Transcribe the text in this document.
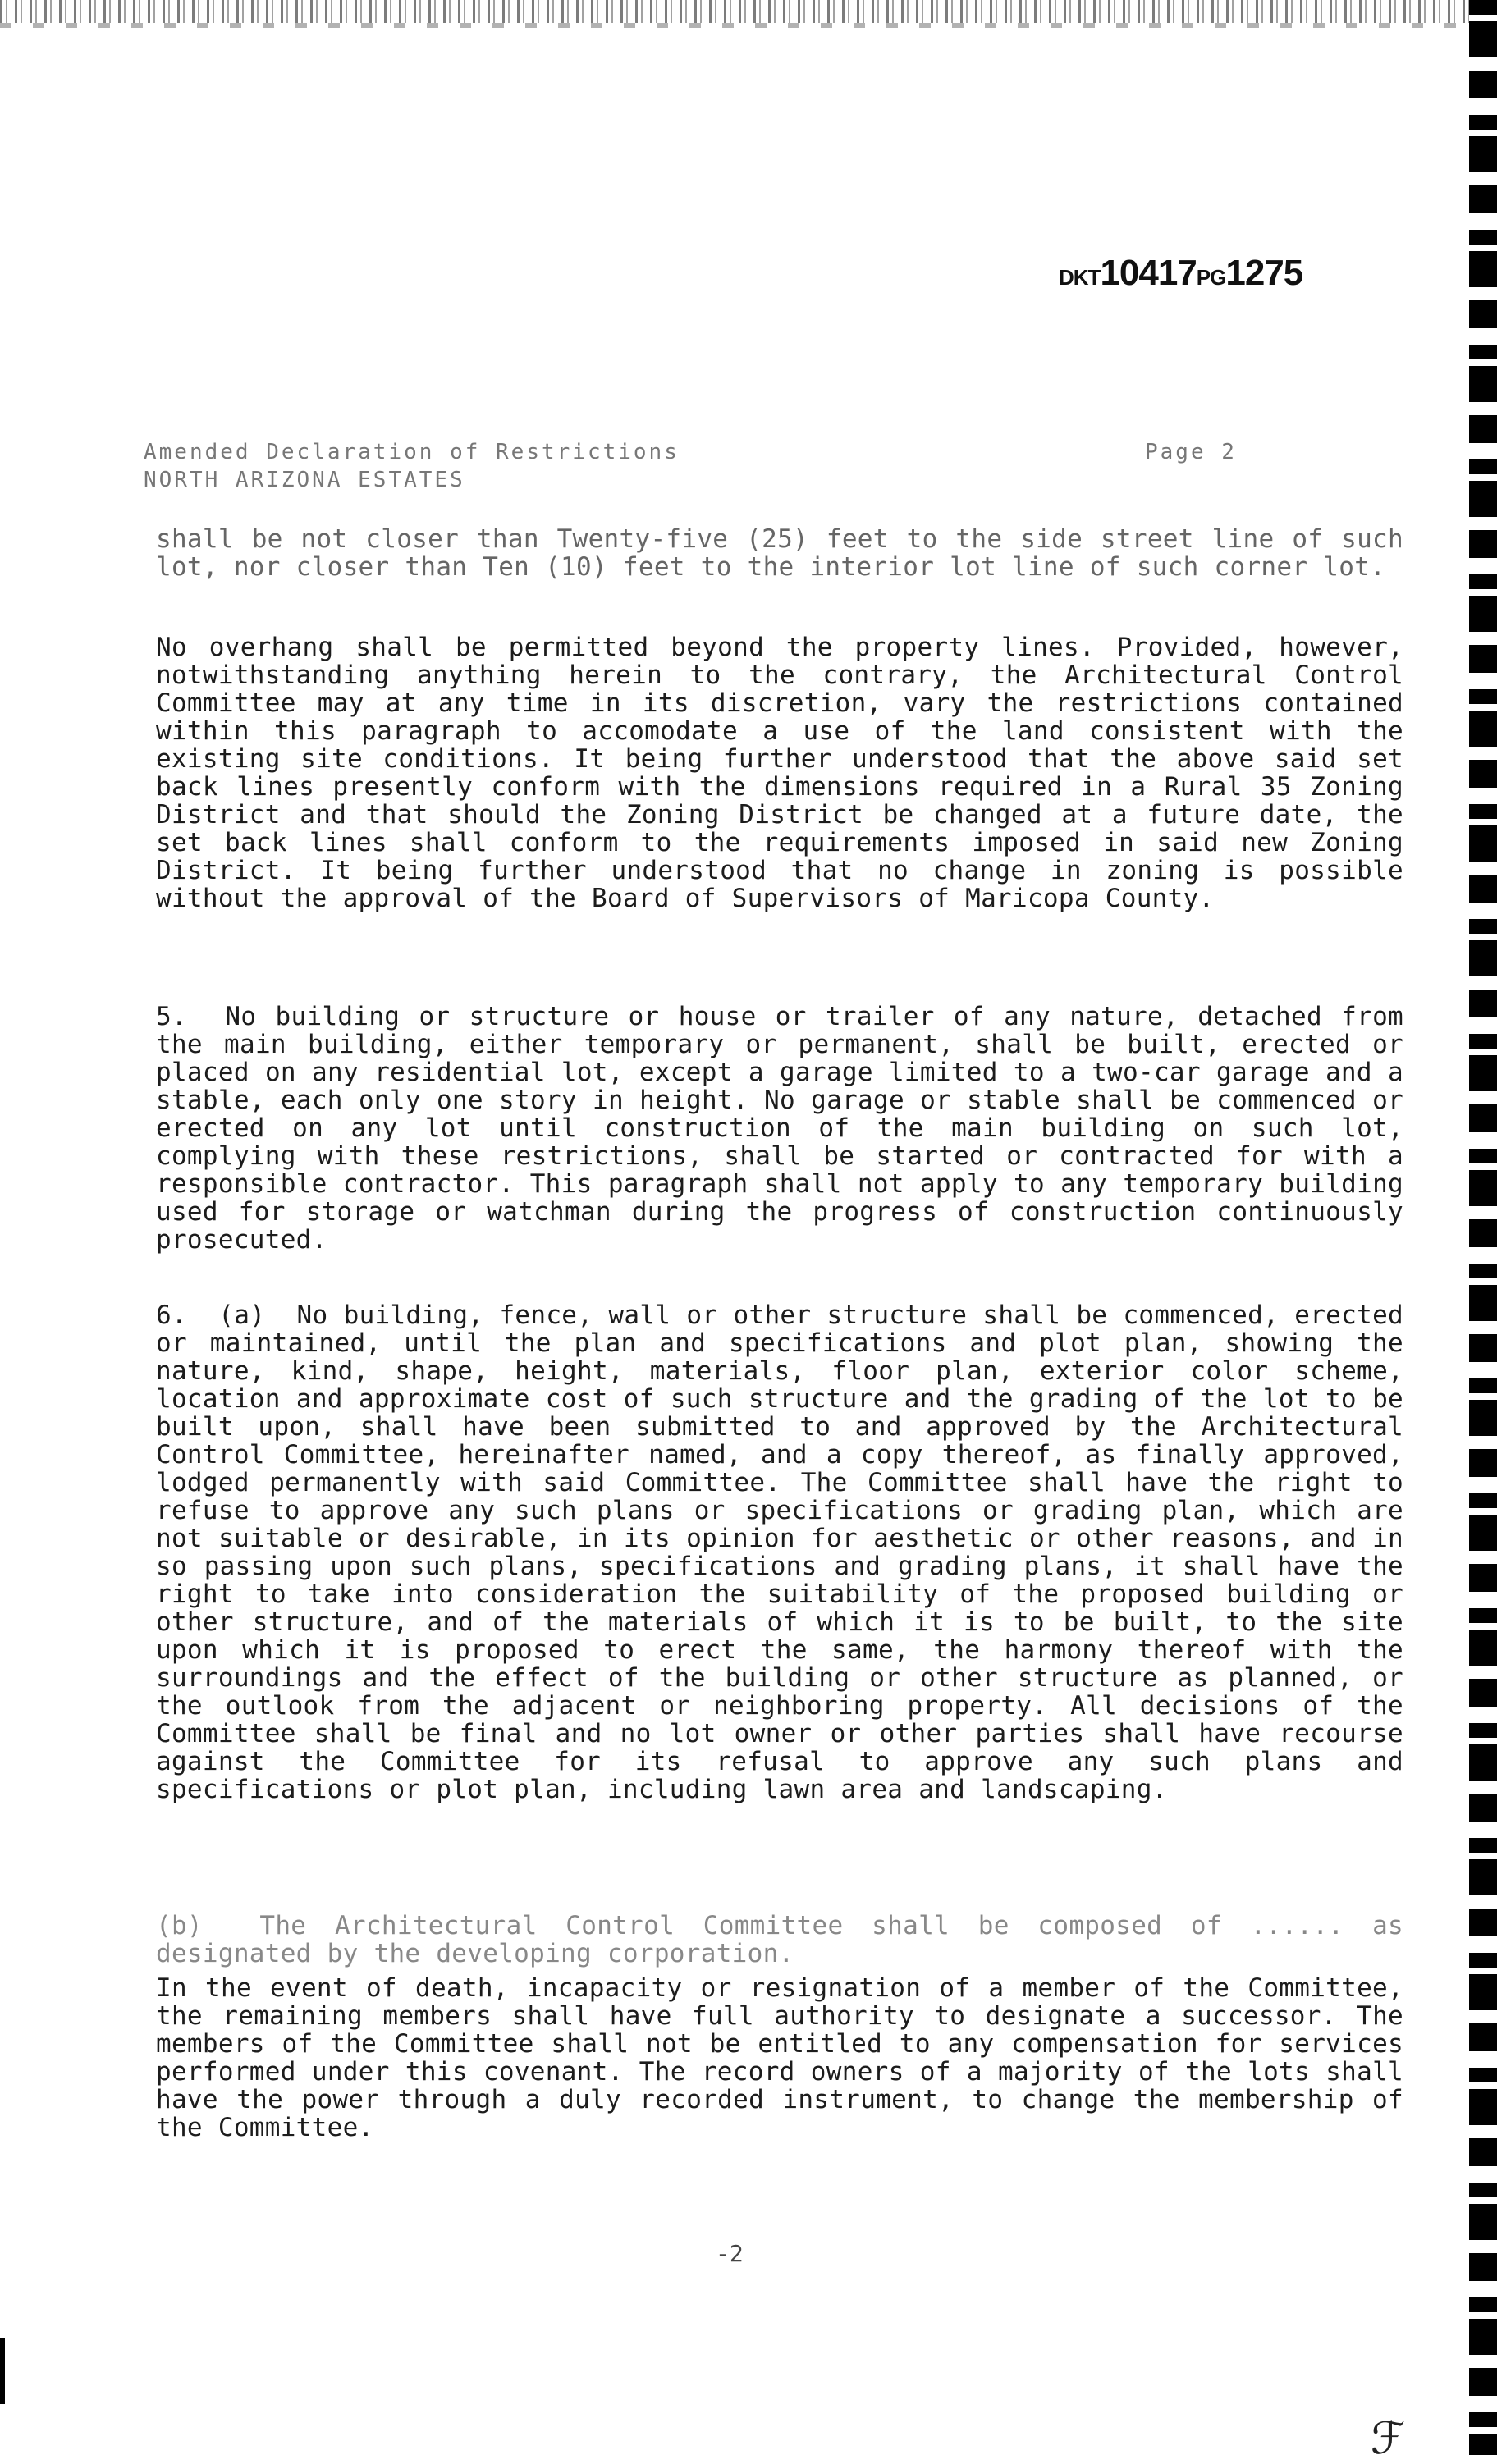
DKT10417PG1275
Amended Declaration of Restrictions
NORTH ARIZONA ESTATES
Page 2
shall be not closer than Twenty-five (25) feet to the side street line of such lot, nor closer than Ten (10) feet to the interior lot line of such corner lot.
No overhang shall be permitted beyond the property lines. Provided, however, notwithstanding anything herein to the contrary, the Architectural Control Committee may at any time in its discretion, vary the restrictions contained within this paragraph to accomodate a use of the land consistent with the existing site conditions. It being further understood that the above said set back lines presently conform with the dimensions required in a Rural 35 Zoning District and that should the Zoning District be changed at a future date, the set back lines shall conform to the requirements imposed in said new Zoning District. It being further understood that no change in zoning is possible without the approval of the Board of Supervisors of Maricopa County.
5.  No building or structure or house or trailer of any nature, detached from the main building, either temporary or permanent, shall be built, erected or placed on any residential lot, except a garage limited to a two-car garage and a stable, each only one story in height. No garage or stable shall be commenced or erected on any lot until construction of the main building on such lot, complying with these restrictions, shall be started or contracted for with a responsible contractor. This paragraph shall not apply to any temporary building used for storage or watchman during the progress of construction continuously prosecuted.
6.  (a)  No building, fence, wall or other structure shall be commenced, erected or maintained, until the plan and specifications and plot plan, showing the nature, kind, shape, height, materials, floor plan, exterior color scheme, location and approximate cost of such structure and the grading of the lot to be built upon, shall have been submitted to and approved by the Architectural Control Committee, hereinafter named, and a copy thereof, as finally approved, lodged permanently with said Committee. The Committee shall have the right to refuse to approve any such plans or specifications or grading plan, which are not suitable or desirable, in its opinion for aesthetic or other reasons, and in so passing upon such plans, specifications and grading plans, it shall have the right to take into consideration the suitability of the proposed building or other structure, and of the materials of which it is to be built, to the site upon which it is proposed to erect the same, the harmony thereof with the surroundings and the effect of the building or other structure as planned, or the outlook from the adjacent or neighboring property. All decisions of the Committee shall be final and no lot owner or other parties shall have recourse against the Committee for its refusal to approve any such plans and specifications or plot plan, including lawn area and landscaping.
(b)  The Architectural Control Committee shall be composed of ...... as designated by the developing corporation.
In the event of death, incapacity or resignation of a member of the Committee, the remaining members shall have full authority to designate a successor. The members of the Committee shall not be entitled to any compensation for services performed under this covenant. The record owners of a majority of the lots shall have the power through a duly recorded instrument, to change the membership of the Committee.
-2
ℱ
